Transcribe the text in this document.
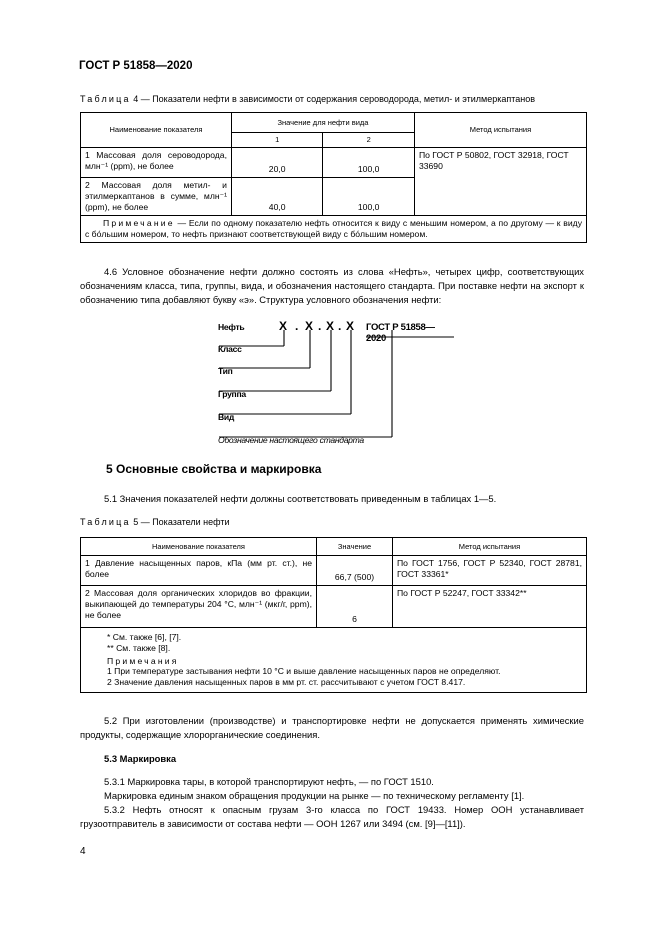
ГОСТ Р 51858—2020
Таблица 4 — Показатели нефти в зависимости от содержания сероводорода, метил- и этилмеркаптанов
Наименование показателя	Значение для нефти вида		Метод испытания
	1	2	
1 Массовая доля сероводорода, млн⁻¹ (ppm), не более	20,0	100,0	По ГОСТ Р 50802, ГОСТ 32918, ГОСТ 33690
2 Массовая доля метил- и этилмеркаптанов в сумме, млн⁻¹ (ppm), не более	40,0	100,0	
Примечание — Если по одному показателю нефть относится к виду с меньшим номером, а по другому — к виду с бо́льшим номером, то нефть признают соответствующей виду с бо́льшим номером.			
4.6 Условное обозначение нефти должно состоять из слова «Нефть», четырех цифр, соответствующих обозначениям класса, типа, группы, вида, и обозначения настоящего стандарта. При поставке нефти на экспорт к обозначению типа добавляют букву «э». Структура условного обозначения нефти:
Нефть	X . X . X . X ГОСТ Р 51858—2020
Класс
Тип
Группа
Вид
Обозначение настоящего стандарта
5 Основные свойства и маркировка
5.1 Значения показателей нефти должны соответствовать приведенным в таблицах 1—5.
Таблица 5 — Показатели нефти
Наименование показателя	Значение	Метод испытания
1 Давление насыщенных паров, кПа (мм рт. ст.), не более	66,7 (500)	По ГОСТ 1756, ГОСТ Р 52340, ГОСТ 28781, ГОСТ 33361*
2 Массовая доля органических хлоридов во фракции, выкипающей до температуры 204 °С, млн⁻¹ (мкг/г, ppm), не более	6	По ГОСТ Р 52247, ГОСТ 33342**

* См. также [6], [7].
** См. также [8].
Примечания
1 При температуре застывания нефти 10 °С и выше давление насыщенных паров не определяют.
2 Значение давления насыщенных паров в мм рт. ст. рассчитывают с учетом ГОСТ 8.417.		
5.2 При изготовлении (производстве) и транспортировке нефти не допускается применять химические продукты, содержащие хлорорганические соединения.
5.3 Маркировка
5.3.1 Маркировка тары, в которой транспортируют нефть, — по ГОСТ 1510.
Маркировка единым знаком обращения продукции на рынке — по техническому регламенту [1].
5.3.2 Нефть относят к опасным грузам 3-го класса по ГОСТ 19433. Номер ООН устанавливает грузоотправитель в зависимости от состава нефти — ООН 1267 или 3494 (см. [9]—[11]).
4
